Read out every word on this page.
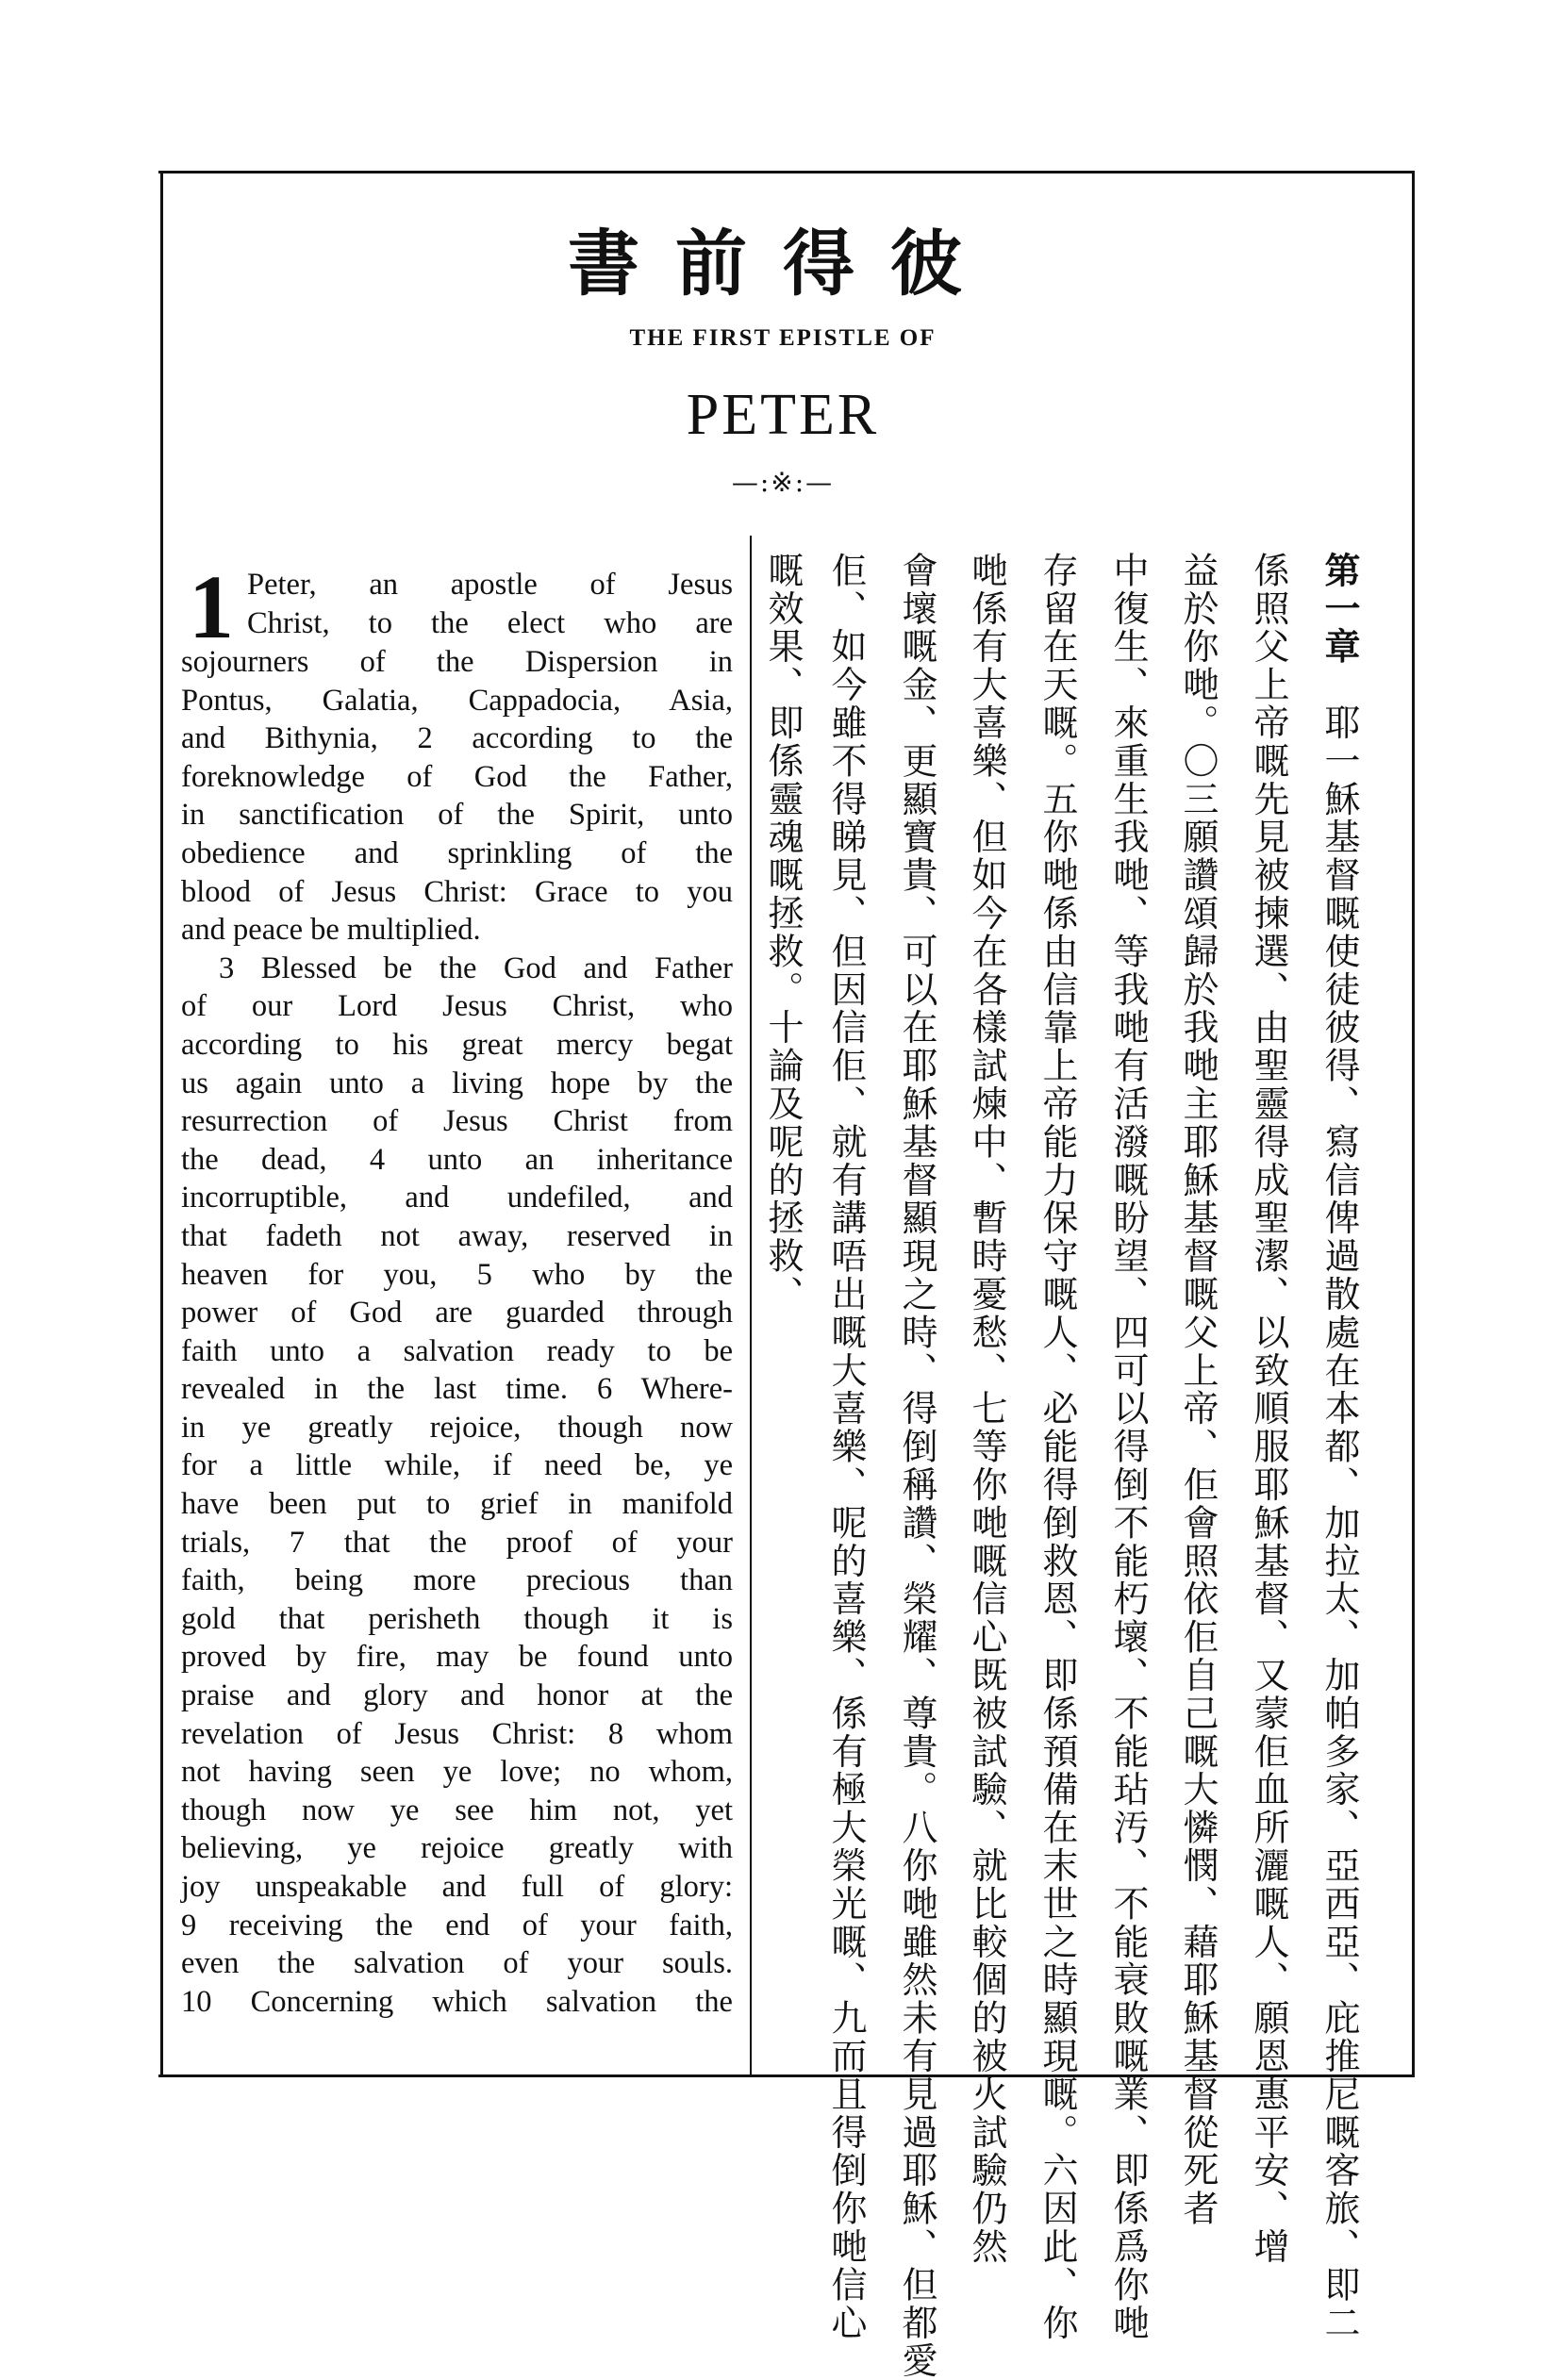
書前得彼
THE FIRST EPISTLE OF
PETER
—:※:—
1 Peter, an apostle of Jesus
Christ, to the elect who are
sojourners of the Dispersion in
Pontus, Galatia, Cappadocia, Asia,
and Bithynia, 2 according to the
foreknowledge of God the Father,
in sanctification of the Spirit, unto
obedience and sprinkling of the
blood of Jesus Christ: Grace to you
and peace be multiplied.
3 Blessed be the God and Father
of our Lord Jesus Christ, who
according to his great mercy begat
us again unto a living hope by the
resurrection of Jesus Christ from
the dead, 4 unto an inheritance
incorruptible, and undefiled, and
that fadeth not away, reserved in
heaven for you, 5 who by the
power of God are guarded through
faith unto a salvation ready to be
revealed in the last time. 6 Where-
in ye greatly rejoice, though now
for a little while, if need be, ye
have been put to grief in manifold
trials, 7 that the proof of your
faith, being more precious than
gold that perisheth though it is
proved by fire, may be found unto
praise and glory and honor at the
revelation of Jesus Christ: 8 whom
not having seen ye love; no whom,
though now ye see him not, yet
believing, ye rejoice greatly with
joy unspeakable and full of glory:
9 receiving the end of your faith,
even the salvation of your souls.
10 Concerning which salvation the
第一章　耶一穌基督嘅使徒彼得、寫信俾過散處在本都、加拉太、加帕多家、亞西亞、庇推尼嘅客旅、即二
係照父上帝嘅先見被揀選、由聖靈得成聖潔、以致順服耶穌基督、又蒙佢血所灑嘅人、願恩惠平安、增
益於你哋。〇三願讚頌歸於我哋主耶穌基督嘅父上帝、佢會照依佢自己嘅大憐憫、藉耶穌基督從死者
中復生、來重生我哋、等我哋有活潑嘅盼望、四可以得倒不能朽壞、不能玷汚、不能衰敗嘅業、即係爲你哋
存留在天嘅。五你哋係由信靠上帝能力保守嘅人、必能得倒救恩、即係預備在末世之時顯現嘅。六因此、你
哋係有大喜樂、但如今在各樣試煉中、暫時憂愁、七等你哋嘅信心既被試驗、就比較個的被火試驗仍然
會壞嘅金、更顯寶貴、可以在耶穌基督顯現之時、得倒稱讚、榮耀、尊貴。八你哋雖然未有見過耶穌、但都愛
佢、如今雖不得睇見、但因信佢、就有講唔出嘅大喜樂、呢的喜樂、係有極大榮光嘅、九而且得倒你哋信心
嘅效果、即係靈魂嘅拯救。十論及呢的拯救、
